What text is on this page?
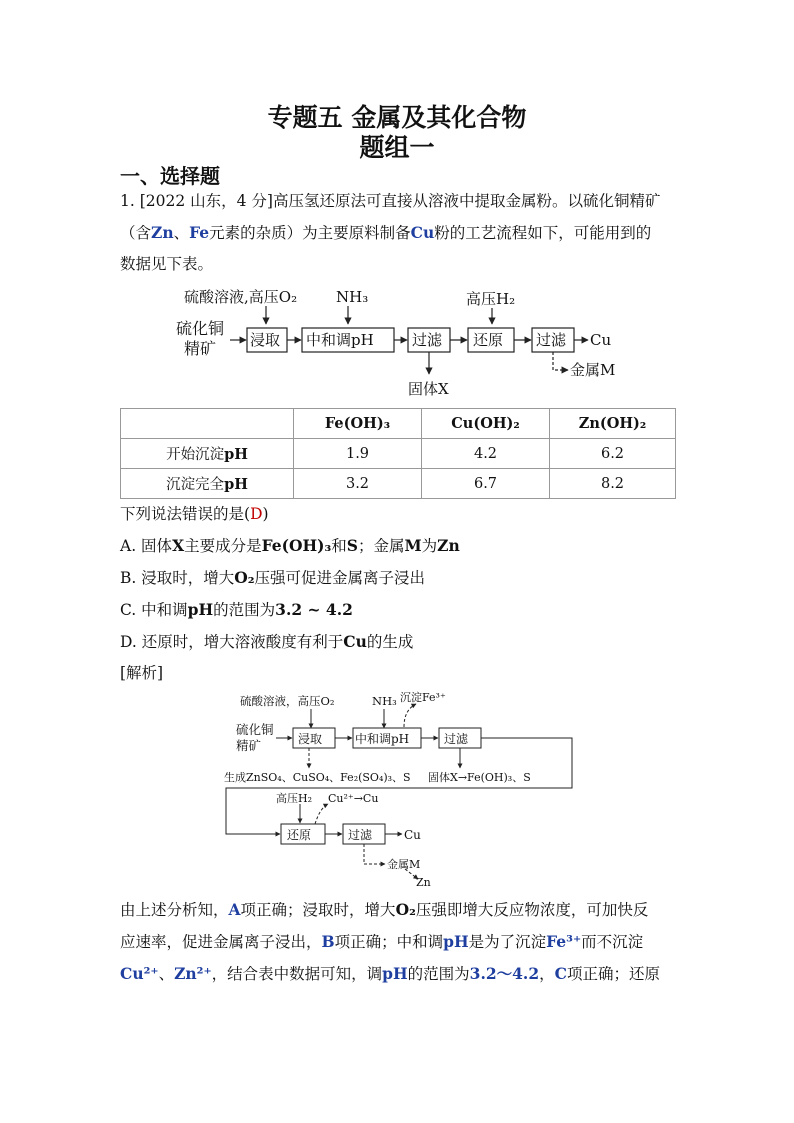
专题五 金属及其化合物
题组一
一、选择题
1. [2022 山东，4 分]高压氢还原法可直接从溶液中提取金属粉。以硫化铜精矿
（含Zn、Fe元素的杂质）为主要原料制备Cu粉的工艺流程如下，可能用到的
数据见下表。
硫酸溶液,高压O₂	NH₃	高压H₂
硫化铜
精矿 浸取 中和调pH	过滤 还原 过滤 Cu
固体X
金属M
	Fe(OH)₃	Cu(OH)₂	Zn(OH)₂
开始沉淀pH	1.9	4.2	6.2
沉淀完全pH	3.2	6.7	8.2
下列说法错误的是(D)
A. 固体X主要成分是Fe(OH)₃和S；金属M为Zn
B. 浸取时，增大O₂压强可促进金属离子浸出
C. 中和调pH的范围为3.2 ~ 4.2
D. 还原时，增大溶液酸度有利于Cu的生成
[解析]
硫酸溶液，高压O₂	NH₃ 沉淀Fe³⁺
硫化铜
精矿	浸取	中和调pH	过滤
生成ZnSO₄、CuSO₄、Fe₂(SO₄)₃、S 固体X→Fe(OH)₃、S
高压H₂ Cu²⁺→Cu
还原	过滤	Cu
金属M
Zn
由上述分析知，A项正确；浸取时，增大O₂压强即增大反应物浓度，可加快反
应速率，促进金属离子浸出，B项正确；中和调pH是为了沉淀Fe³⁺而不沉淀
Cu²⁺、Zn²⁺，结合表中数据可知，调pH的范围为3.2～4.2，C项正确；还原
